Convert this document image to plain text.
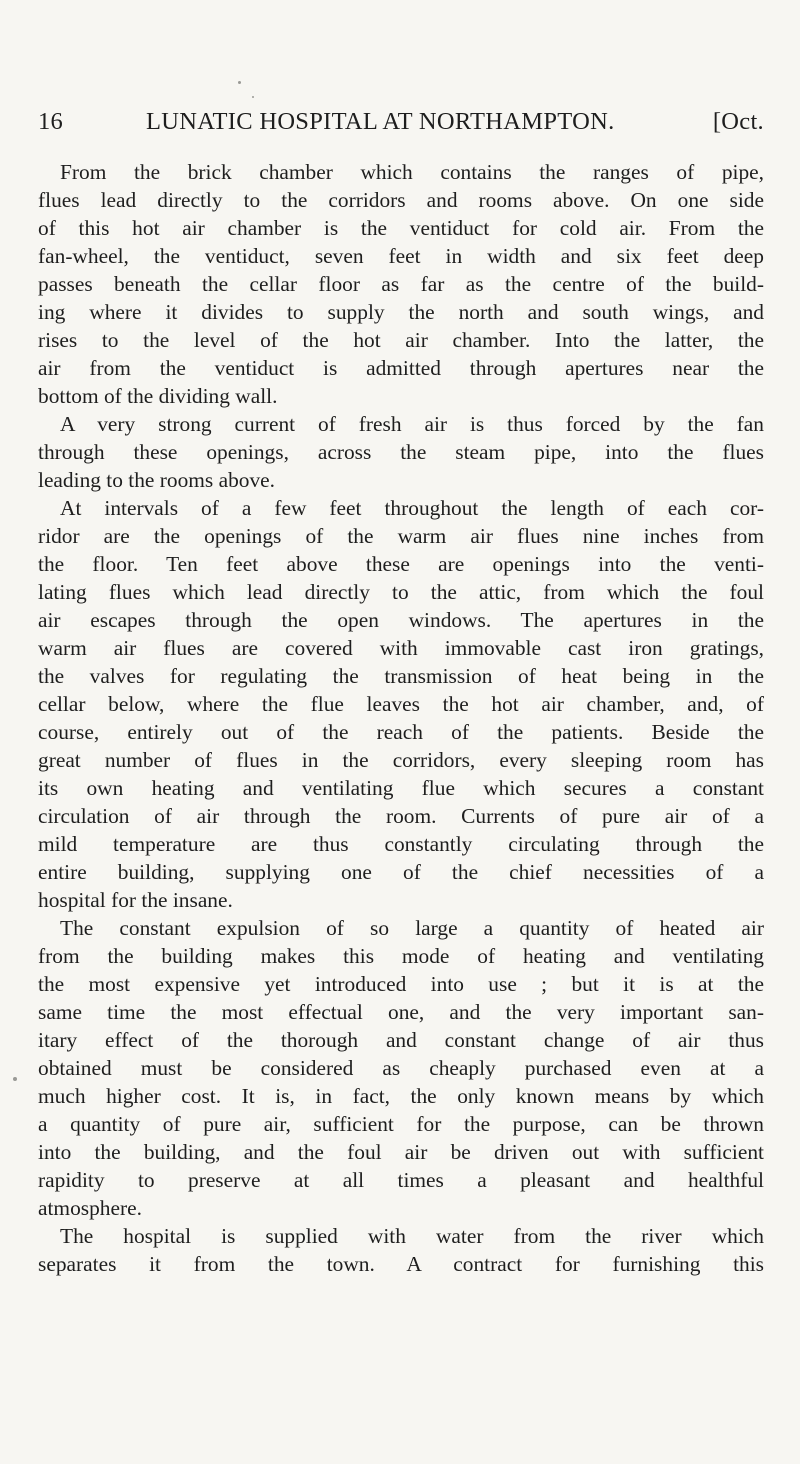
16	LUNATIC HOSPITAL AT NORTHAMPTON.	[Oct.
From the brick chamber which contains the ranges of pipe,
flues lead directly to the corridors and rooms above. On one side
of this hot air chamber is the ventiduct for cold air. From the
fan-wheel, the ventiduct, seven feet in width and six feet deep
passes beneath the cellar floor as far as the centre of the build-
ing where it divides to supply the north and south wings, and
rises to the level of the hot air chamber. Into the latter, the
air from the ventiduct is admitted through apertures near the
bottom of the dividing wall.
A very strong current of fresh air is thus forced by the fan
through these openings, across the steam pipe, into the flues
leading to the rooms above.
At intervals of a few feet throughout the length of each cor-
ridor are the openings of the warm air flues nine inches from
the floor. Ten feet above these are openings into the venti-
lating flues which lead directly to the attic, from which the foul
air escapes through the open windows. The apertures in the
warm air flues are covered with immovable cast iron gratings,
the valves for regulating the transmission of heat being in the
cellar below, where the flue leaves the hot air chamber, and, of
course, entirely out of the reach of the patients. Beside the
great number of flues in the corridors, every sleeping room has
its own heating and ventilating flue which secures a constant
circulation of air through the room. Currents of pure air of a
mild temperature are thus constantly circulating through the
entire building, supplying one of the chief necessities of a
hospital for the insane.
The constant expulsion of so large a quantity of heated air
from the building makes this mode of heating and ventilating
the most expensive yet introduced into use ; but it is at the
same time the most effectual one, and the very important san-
itary effect of the thorough and constant change of air thus
obtained must be considered as cheaply purchased even at a
much higher cost. It is, in fact, the only known means by which
a quantity of pure air, sufficient for the purpose, can be thrown
into the building, and the foul air be driven out with sufficient
rapidity to preserve at all times a pleasant and healthful
atmosphere.
The hospital is supplied with water from the river which
separates it from the town. A contract for furnishing this
